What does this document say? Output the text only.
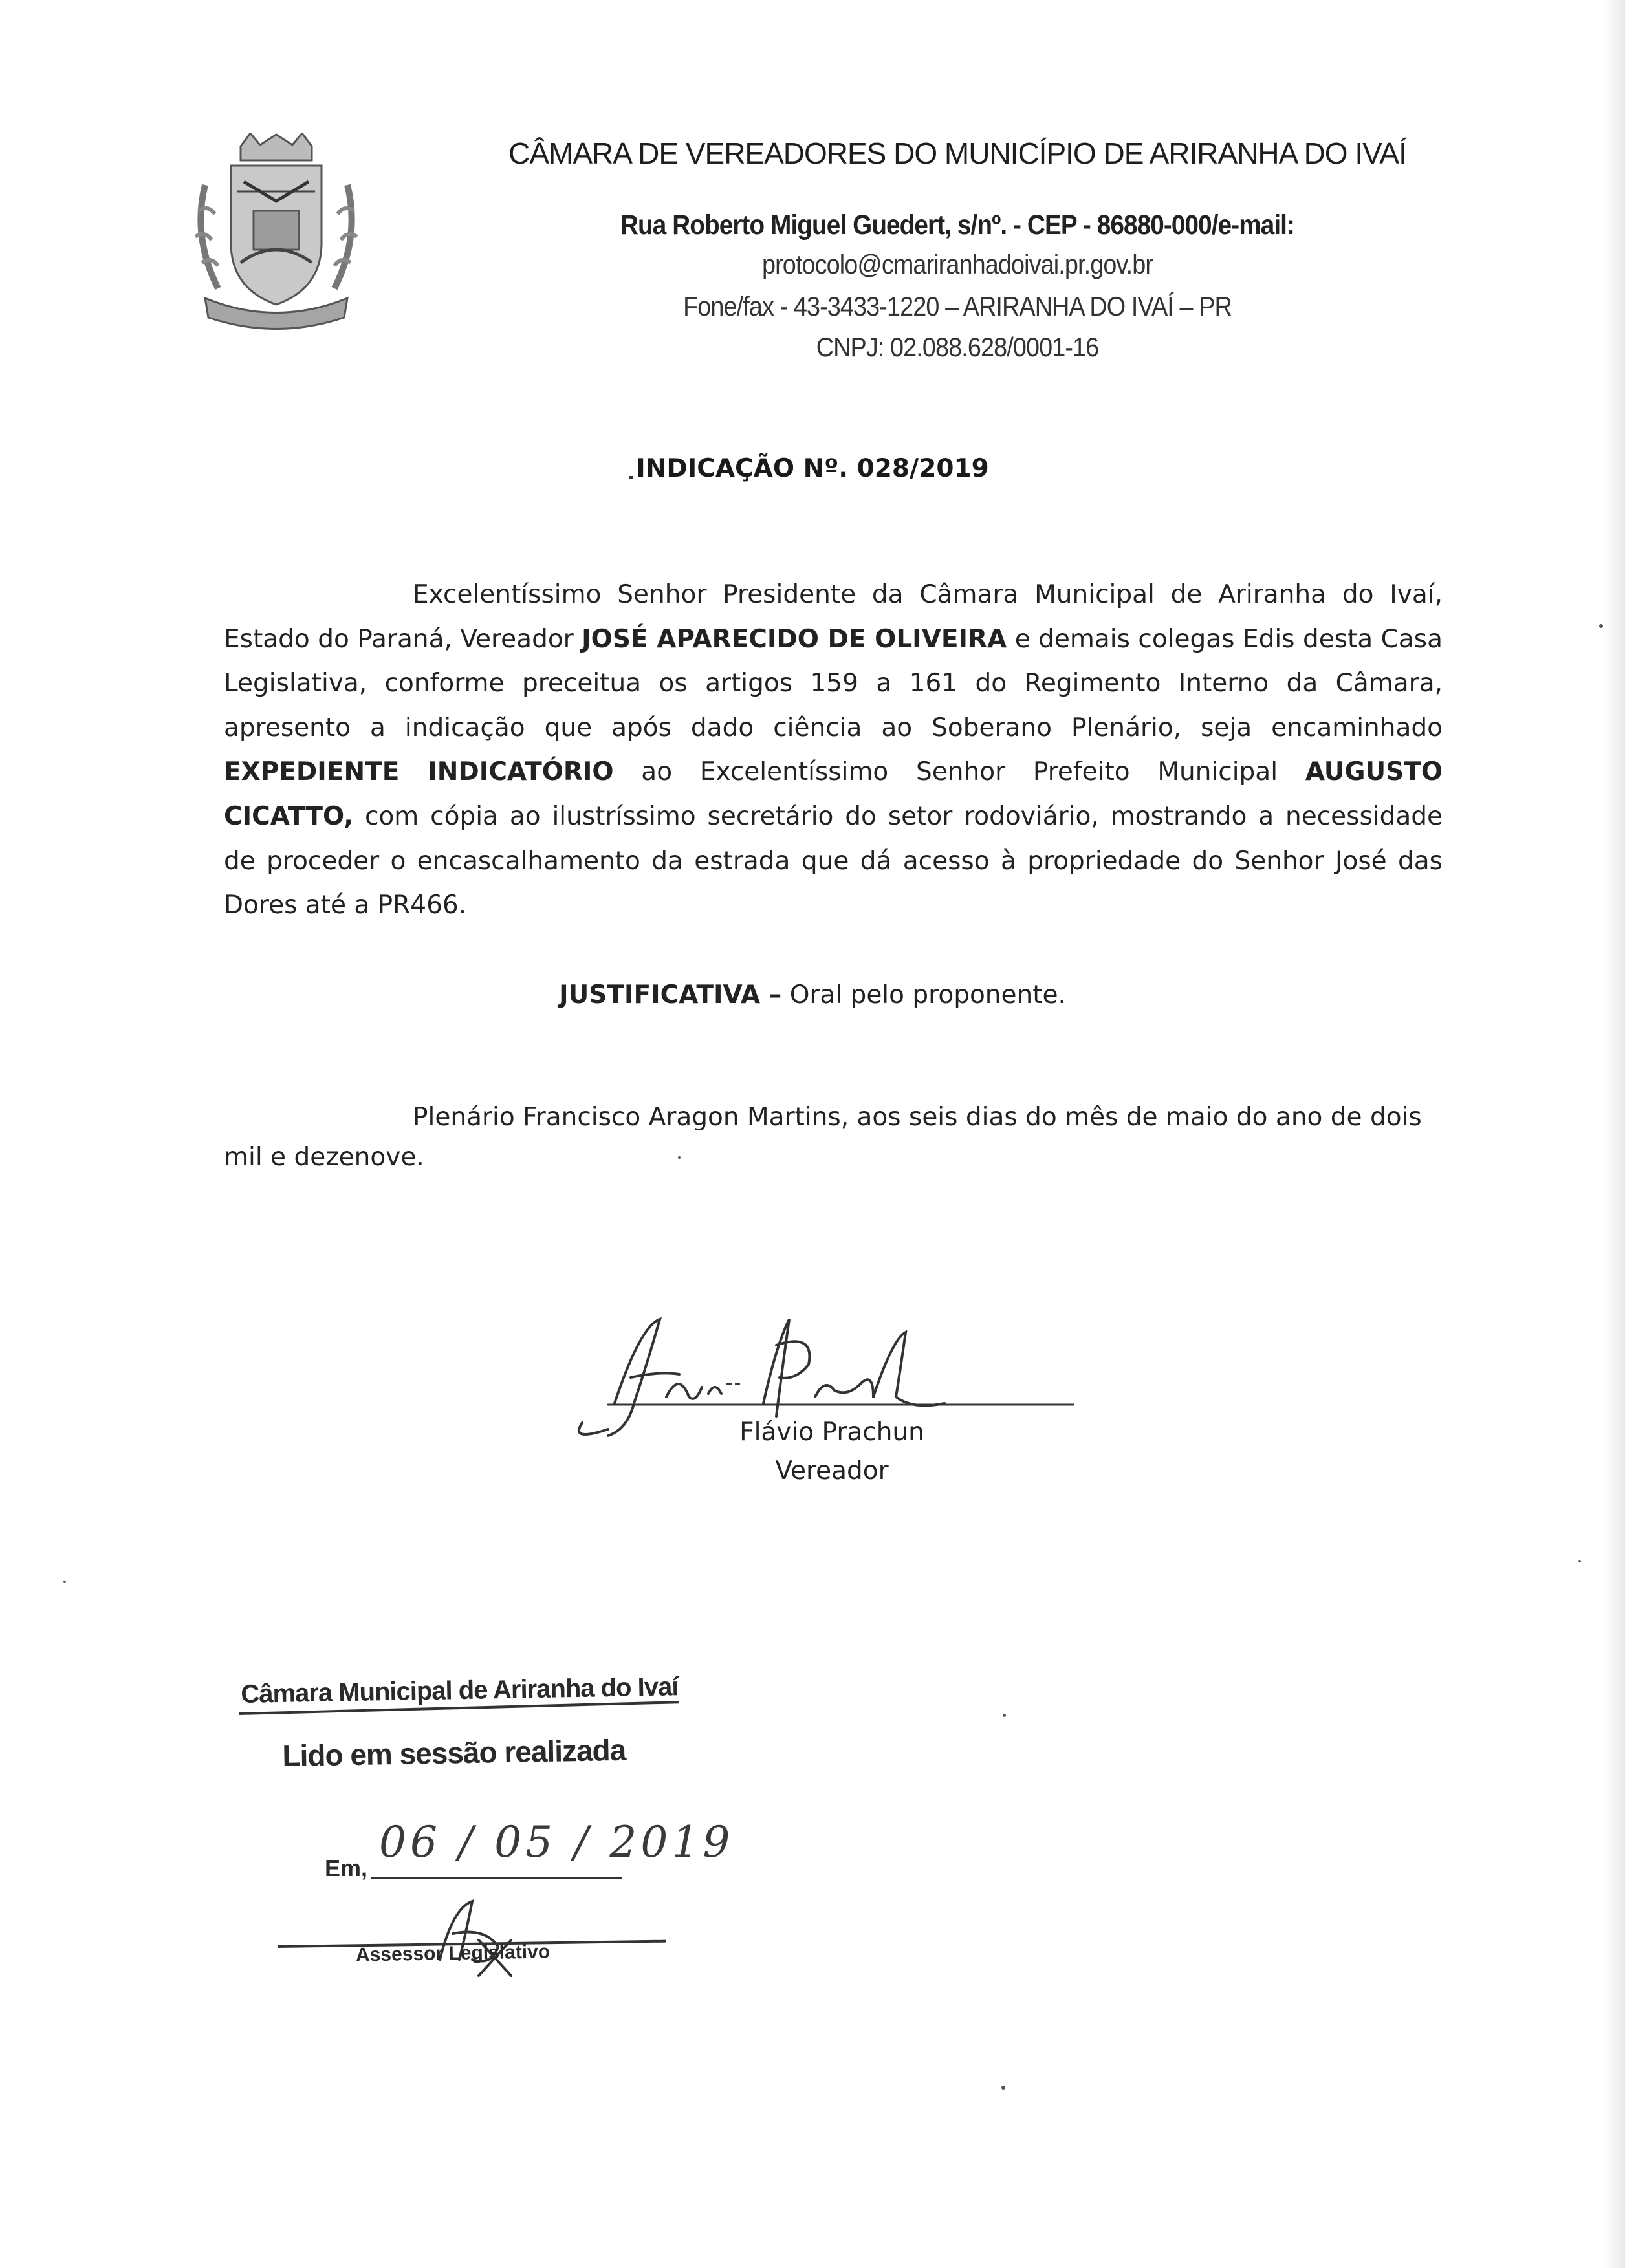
CÂMARA DE VEREADORES DO MUNICÍPIO DE ARIRANHA DO IVAÍ
Rua Roberto Miguel Guedert, s/nº. - CEP - 86880-000/e-mail:
protocolo@cmariranhadoivai.pr.gov.br
Fone/fax - 43-3433-1220 – ARIRANHA DO IVAÍ – PR
CNPJ: 02.088.628/0001-16
INDICAÇÃO Nº. 028/2019
Excelentíssimo Senhor Presidente da Câmara Municipal de Ariranha do Ivaí, Estado do Paraná, Vereador JOSÉ APARECIDO DE OLIVEIRA e demais colegas Edis desta Casa Legislativa, conforme preceitua os artigos 159 a 161 do Regimento Interno da Câmara, apresento a indicação que após dado ciência ao Soberano Plenário, seja encaminhado EXPEDIENTE INDICATÓRIO ao Excelentíssimo Senhor Prefeito Municipal AUGUSTO CICATTO, com cópia ao ilustríssimo secretário do setor rodoviário, mostrando a necessidade de proceder o encascalhamento da estrada que dá acesso à propriedade do Senhor José das Dores até a PR466.
JUSTIFICATIVA – Oral pelo proponente.
Plenário Francisco Aragon Martins, aos seis dias do mês de maio do ano de dois mil e dezenove.
Flávio Prachun
Vereador
Câmara Municipal de Ariranha do Ivaí
Lido em sessão realizada
Em,
06 / 05 / 2019
Assessor Legislativo
